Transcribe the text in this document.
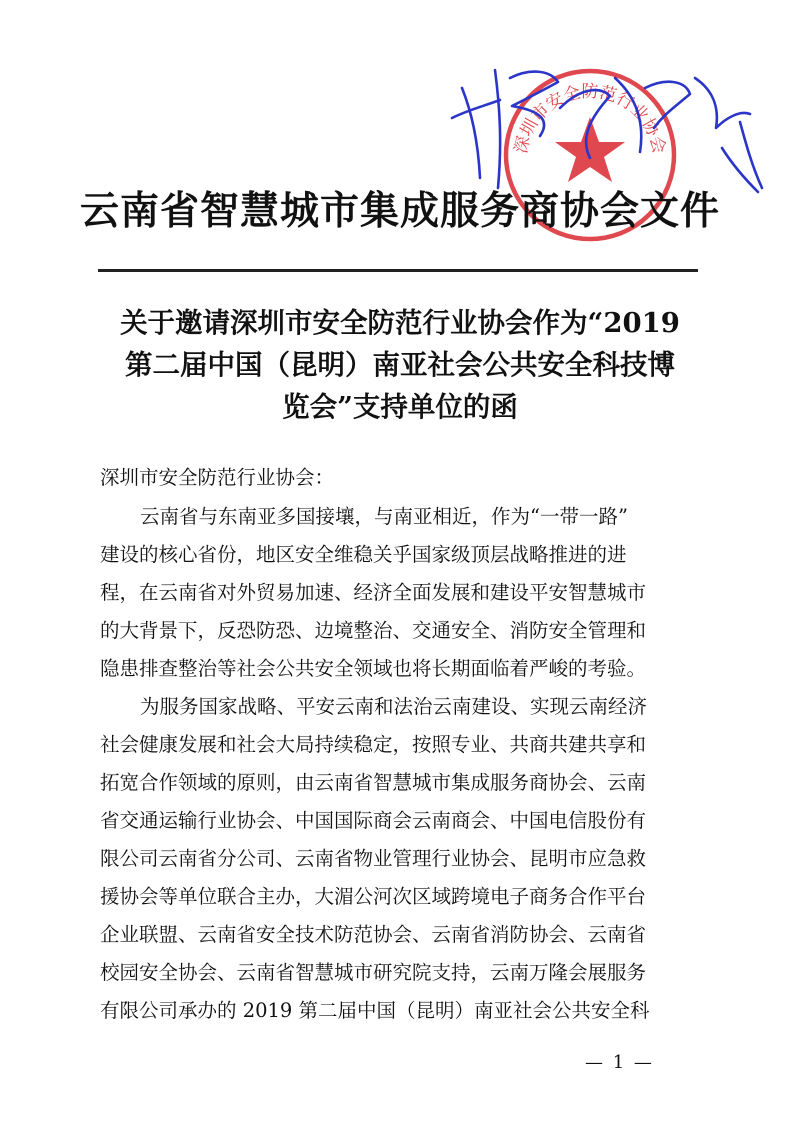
深圳市安全防范行业协会
云南省智慧城市集成服务商协会文件
关于邀请深圳市安全防范行业协会作为“2019
第二届中国（昆明）南亚社会公共安全科技博
览会”支持单位的函
深圳市安全防范行业协会：
云南省与东南亚多国接壤，与南亚相近，作为“一带一路”
建设的核心省份，地区安全维稳关乎国家级顶层战略推进的进
程，在云南省对外贸易加速、经济全面发展和建设平安智慧城市
的大背景下，反恐防恐、边境整治、交通安全、消防安全管理和
隐患排查整治等社会公共安全领域也将长期面临着严峻的考验。
为服务国家战略、平安云南和法治云南建设、实现云南经济
社会健康发展和社会大局持续稳定，按照专业、共商共建共享和
拓宽合作领域的原则，由云南省智慧城市集成服务商协会、云南
省交通运输行业协会、中国国际商会云南商会、中国电信股份有
限公司云南省分公司、云南省物业管理行业协会、昆明市应急救
援协会等单位联合主办，大湄公河次区域跨境电子商务合作平台
企业联盟、云南省安全技术防范协会、云南省消防协会、云南省
校园安全协会、云南省智慧城市研究院支持，云南万隆会展服务
有限公司承办的 2019 第二届中国（昆明）南亚社会公共安全科
— 1 —
